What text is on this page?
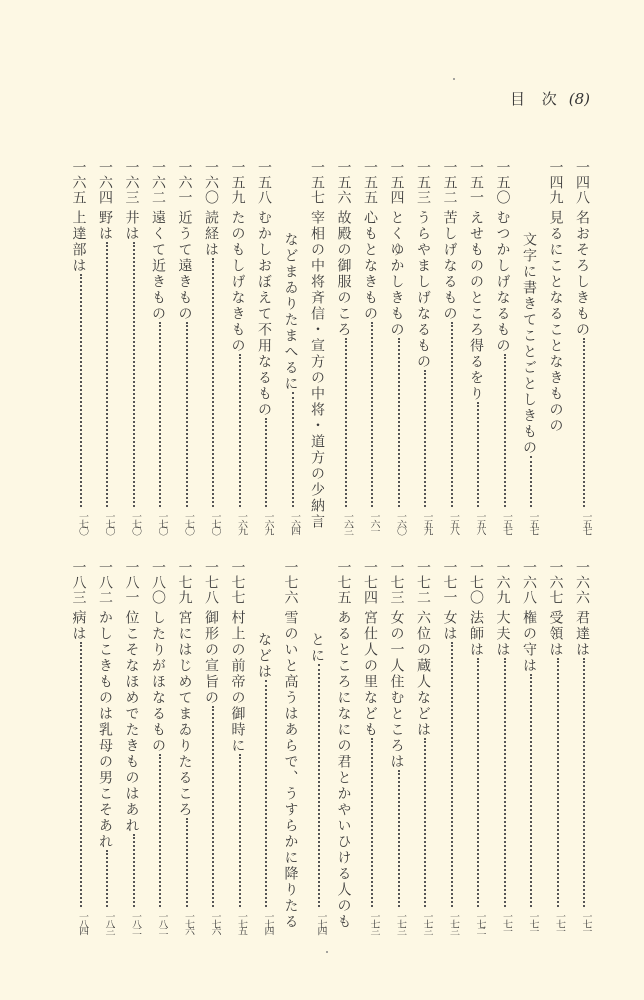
目 次 (8)
一四八
名おそろしきもの
一五七
一四九
見るにことなることなきものの
文字に書きてことごとしきもの
一五七
一五〇
むつかしげなるもの
一五七
一五一
えせもののところ得るをり
一五八
一五二
苦しげなるもの
一五八
一五三
うらやましげなるもの
一五九
一五四
とくゆかしきもの
一六〇
一五五
心もとなきもの
一六一
一五六
故殿の御服のころ
一六三
一五七
宰相の中将斉信・宣方の中将・道方の少納言
などまゐりたまへるに
一六四
一五八
むかしおぼえて不用なるもの
一六九
一五九
たのもしげなきもの
一六九
一六〇
読経は
一七〇
一六一
近うて遠きもの
一七〇
一六二
遠くて近きもの
一七〇
一六三
井は
一七〇
一六四
野は
一七〇
一六五
上達部は
一七〇
一六六
君達は
一七一
一六七
受領は
一七一
一六八
権の守は
一七一
一六九
大夫は
一七一
一七〇
法師は
一七二
一七一
女は
一七三
一七二
六位の蔵人などは
一七三
一七三
女の一人住むところは
一七三
一七四
宮仕人の里なども
一七三
一七五
あるところになにの君とかやいひける人のも
とに
一七四
一七六
雪のいと高うはあらで、うすらかに降りたる
などは
一七四
一七七
村上の前帝の御時に
一七五
一七八
御形の宣旨の
一七六
一七九
宮にはじめてまゐりたるころ
一七六
一八〇
したりがほなるもの
一八二
一八一
位こそなほめでたきものはあれ
一八二
一八二
かしこきものは乳母の男こそあれ
一八三
一八三
病は
一八四
